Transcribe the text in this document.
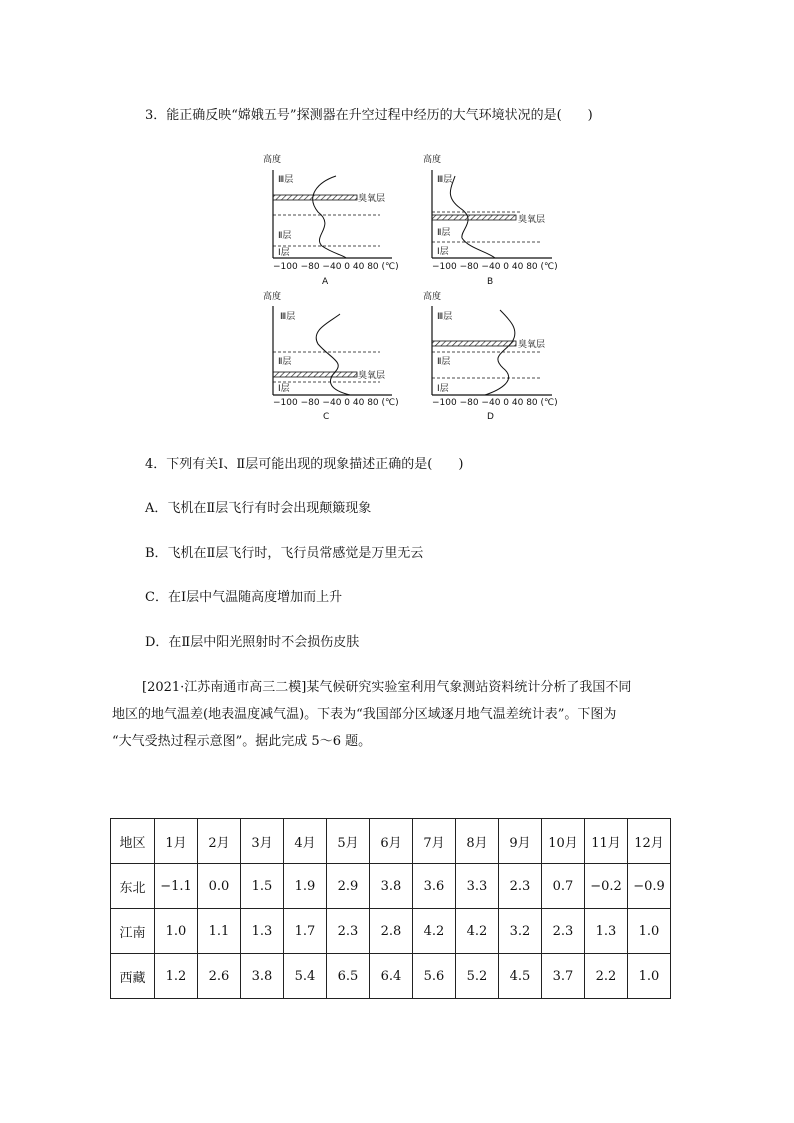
3．能正确反映“嫦娥五号”探测器在升空过程中经历的大气环境状况的是(　　)
高度
Ⅲ层
臭氧层
Ⅱ层
Ⅰ层
−100 −80 −40 0 40 80 (℃)
A
高度
Ⅲ层
臭氧层
Ⅱ层
Ⅰ层
−100 −80 −40 0 40 80 (℃)
B
高度
Ⅲ层
Ⅱ层
臭氧层
Ⅰ层
−100 −80 −40 0 40 80 (℃)
C
高度
Ⅲ层
臭氧层
Ⅱ层
Ⅰ层
−100 −80 −40 0 40 80 (℃)
D
4．下列有关Ⅰ、Ⅱ层可能出现的现象描述正确的是(　　)
A．飞机在Ⅱ层飞行有时会出现颠簸现象
B．飞机在Ⅱ层飞行时，飞行员常感觉是万里无云
C．在Ⅰ层中气温随高度增加而上升
D．在Ⅱ层中阳光照射时不会损伤皮肤
[2021·江苏南通市高三二模]某气候研究实验室利用气象测站资料统计分析了我国不同
地区的地气温差(地表温度减气温)。下表为“我国部分区域逐月地气温差统计表”。下图为
“大气受热过程示意图”。据此完成 5～6 题。
地区	1月	2月	3月	4月	5月	6月	7月	8月	9月	10月	11月	12月
东北	−1.1	0.0	1.5	1.9	2.9	3.8	3.6	3.3	2.3	0.7	−0.2	−0.9
江南	1.0	1.1	1.3	1.7	2.3	2.8	4.2	4.2	3.2	2.3	1.3	1.0
西藏	1.2	2.6	3.8	5.4	6.5	6.4	5.6	5.2	4.5	3.7	2.2	1.0
